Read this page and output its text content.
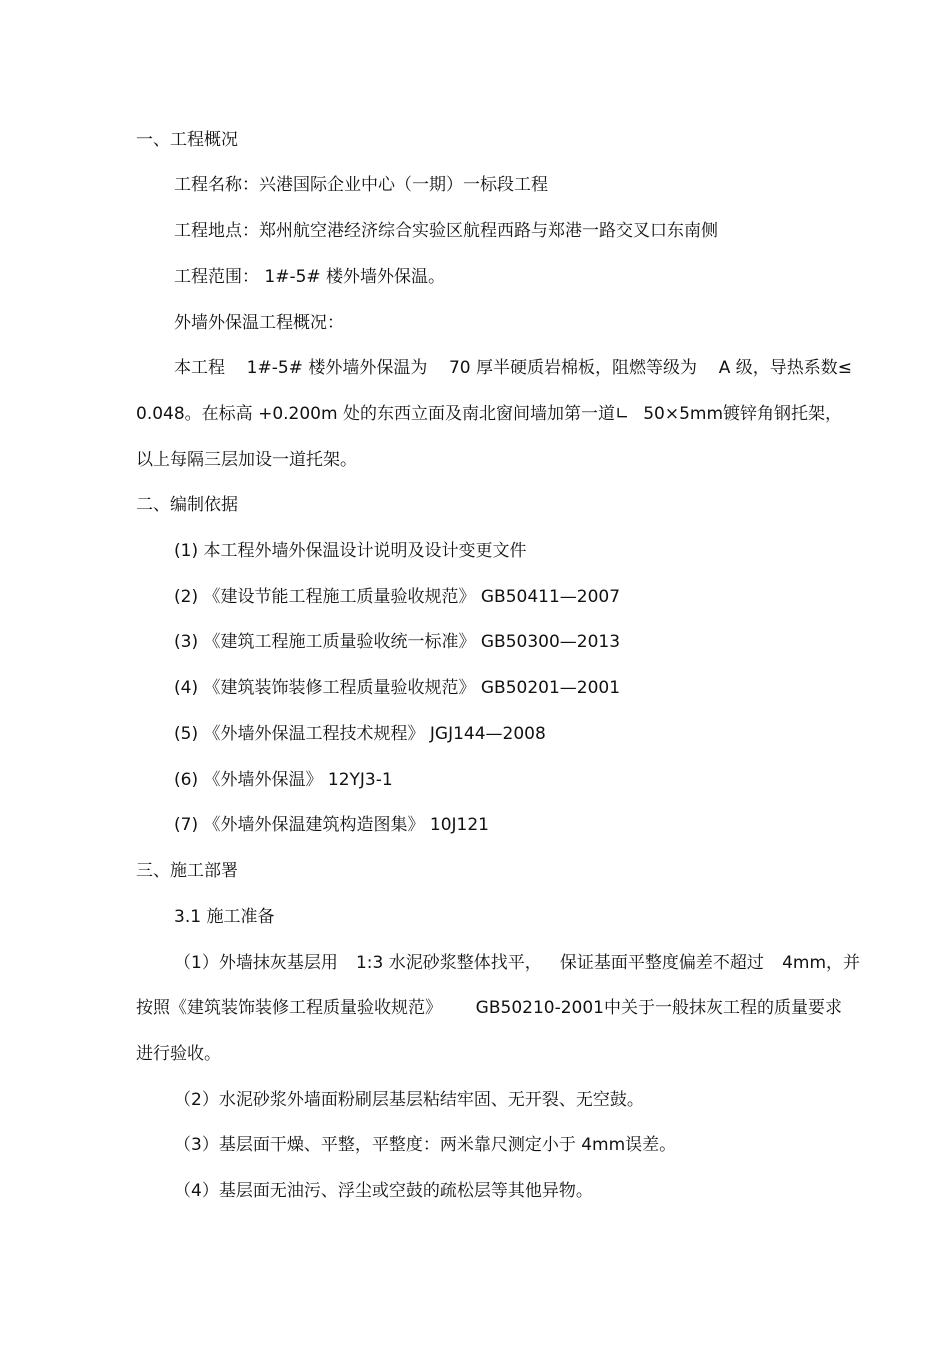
一、工程概况

工程名称：兴港国际企业中心（一期）一标段工程

工程地点：郑州航空港经济综合实验区航程西路与郑港一路交叉口东南侧

工程范围： 1#-5# 楼外墙外保温。

外墙外保温工程概况：

本工程 1#-5# 楼外墙外保温为 70 厚半硬质岩棉板，阻燃等级为 A 级，导热系数≤
0.048。在标高 +0.200m 处的东西立面及南北窗间墙加第一道∟ 50×5mm镀锌角钢托架，

以上每隔三层加设一道托架。

二、编制依据

(1) 本工程外墙外保温设计说明及设计变更文件

(2) 《建设节能工程施工质量验收规范》 GB50411—2007

(3) 《建筑工程施工质量验收统一标准》 GB50300—2013

(4) 《建筑装饰装修工程质量验收规范》 GB50201—2001

(5) 《外墙外保温工程技术规程》 JGJ144—2008

(6) 《外墙外保温》 12YJ3-1

(7) 《外墙外保温建筑构造图集》 10J121

三、施工部署

3.1 施工准备

（1）外墙抹灰基层用 1:3 水泥砂浆整体找平， 保证基面平整度偏差不超过 4mm，并
按照《建筑装饰装修工程质量验收规范》 GB50210-2001中关于一般抹灰工程的质量要求

进行验收。

（2）水泥砂浆外墙面粉刷层基层粘结牢固、无开裂、无空鼓。

（3）基层面干燥、平整，平整度：两米靠尺测定小于 4mm误差。

（4）基层面无油污、浮尘或空鼓的疏松层等其他异物。
